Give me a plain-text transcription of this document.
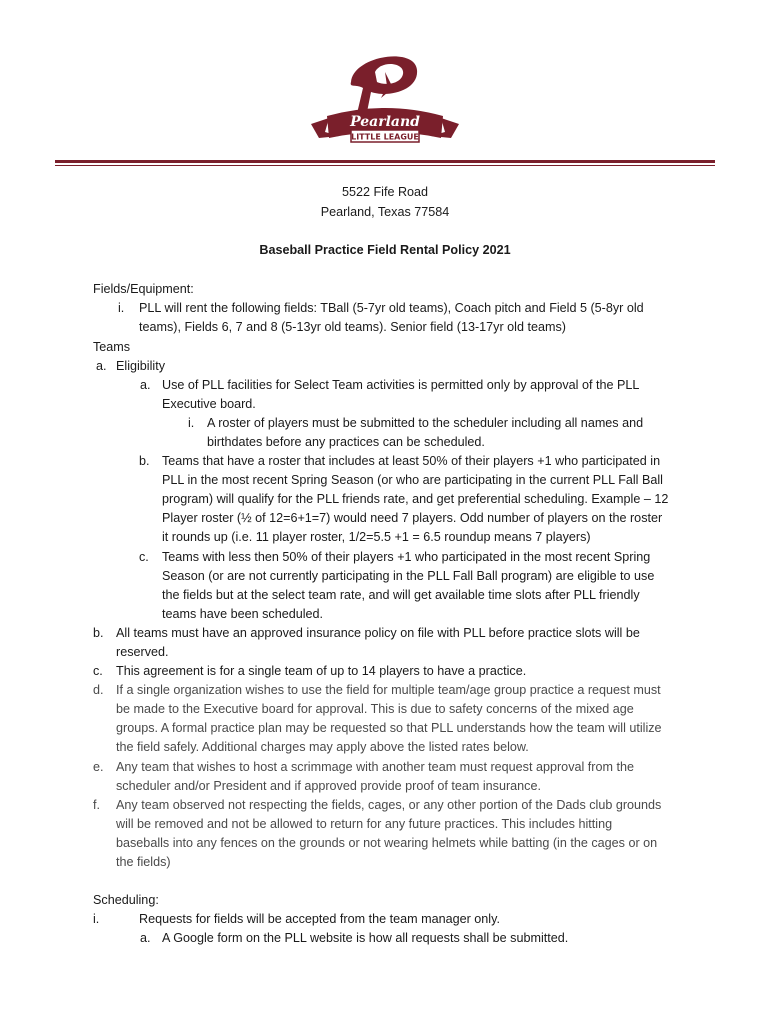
Pearland
LITTLE LEAGUE
5522 Fife Road
Pearland, Texas 77584
Baseball Practice Field Rental Policy 2021
Fields/Equipment:
i. PLL will rent the following fields: TBall (5-7yr old teams), Coach pitch and Field 5 (5-8yr old
teams), Fields 6, 7 and 8 (5-13yr old teams). Senior field (13-17yr old teams)
Teams
a. Eligibility
a. Use of PLL facilities for Select Team activities is permitted only by approval of the PLL
Executive board.
i. A roster of players must be submitted to the scheduler including all names and
birthdates before any practices can be scheduled.
b. Teams that have a roster that includes at least 50% of their players +1 who participated in
PLL in the most recent Spring Season (or who are participating in the current PLL Fall Ball
program) will qualify for the PLL friends rate, and get preferential scheduling. Example – 12
Player roster (½ of 12=6+1=7) would need 7 players. Odd number of players on the roster
it rounds up (i.e. 11 player roster, 1/2=5.5 +1 = 6.5 roundup means 7 players)
c. Teams with less then 50% of their players +1 who participated in the most recent Spring
Season (or are not currently participating in the PLL Fall Ball program) are eligible to use
the fields but at the select team rate, and will get available time slots after PLL friendly
teams have been scheduled.
b. All teams must have an approved insurance policy on file with PLL before practice slots will be
reserved.
c. This agreement is for a single team of up to 14 players to have a practice.
d. If a single organization wishes to use the field for multiple team/age group practice a request must
be made to the Executive board for approval. This is due to safety concerns of the mixed age
groups. A formal practice plan may be requested so that PLL understands how the team will utilize
the field safely. Additional charges may apply above the listed rates below.
e. Any team that wishes to host a scrimmage with another team must request approval from the
scheduler and/or President and if approved provide proof of team insurance.
f. Any team observed not respecting the fields, cages, or any other portion of the Dads club grounds
will be removed and not be allowed to return for any future practices. This includes hitting
baseballs into any fences on the grounds or not wearing helmets while batting (in the cages or on
the fields)
Scheduling:
i.	Requests for fields will be accepted from the team manager only.
a. A Google form on the PLL website is how all requests shall be submitted.
